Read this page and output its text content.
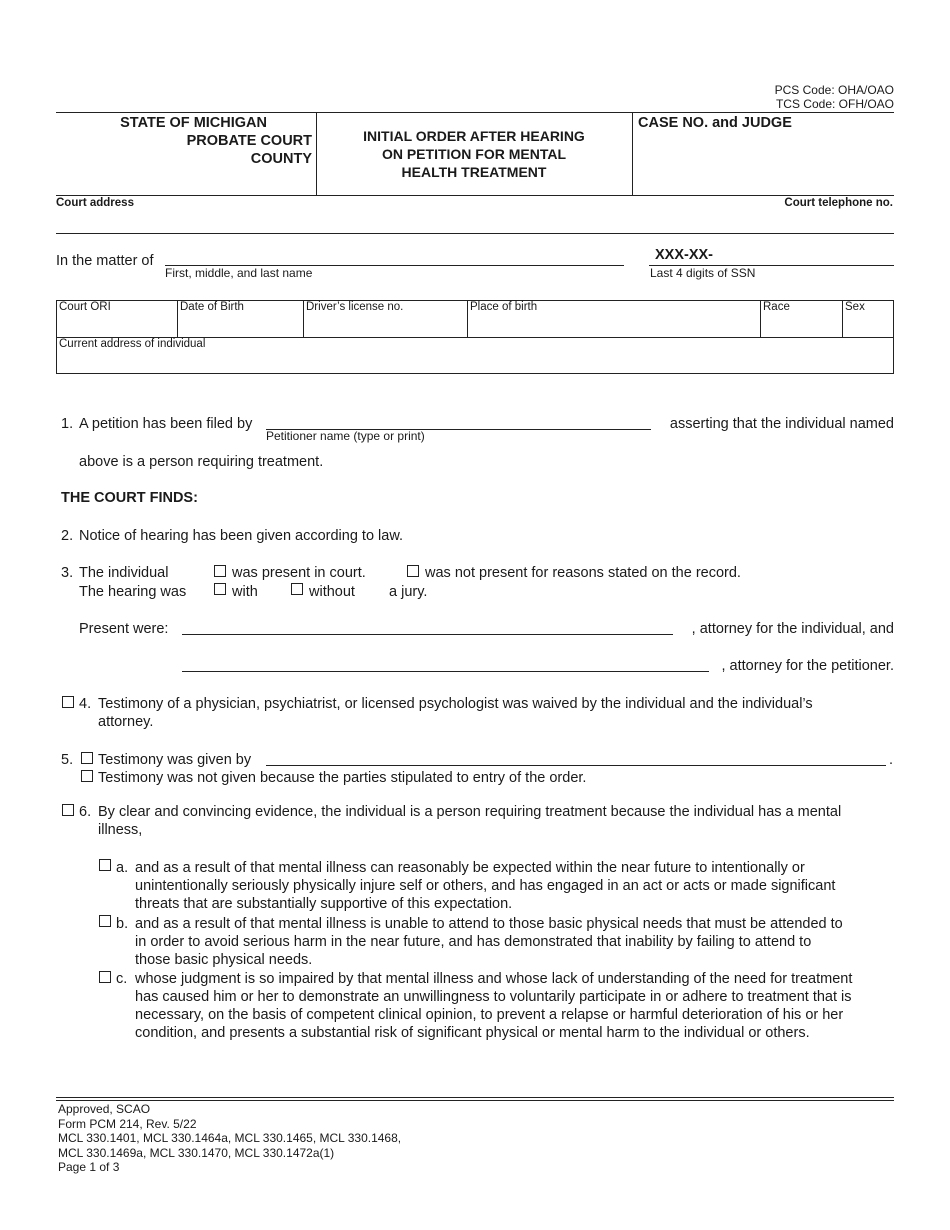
PCS Code: OHA/OAO
TCS Code: OFH/OAO
STATE OF MICHIGAN
PROBATE COURT
COUNTY
INITIAL ORDER AFTER HEARING
ON PETITION FOR MENTAL
HEALTH TREATMENT
CASE NO. and JUDGE
Court address	Court telephone no.
In the matter of
First, middle, and last name
XXX-XX-
Last 4 digits of SSN
Court ORI	Date of Birth	Driver’s license no.	Place of birth	Race	Sex
Current address of individual
1. A petition has been filed by
Petitioner name (type or print)
asserting that the individual named
above is a person requiring treatment.
THE COURT FINDS:
2. Notice of hearing has been given according to law.
3. The individual	was present in court.	was not present for reasons stated on the record.
The hearing was	with	without a jury.
Present were:	, attorney for the individual, and
, attorney for the petitioner.
4. Testimony of a physician, psychiatrist, or licensed psychologist was waived by the individual and the individual’s
attorney.
5. Testimony was given by	.
Testimony was not given because the parties stipulated to entry of the order.
6. By clear and convincing evidence, the individual is a person requiring treatment because the individual has a mental
illness,
a. and as a result of that mental illness can reasonably be expected within the near future to intentionally or
unintentionally seriously physically injure self or others, and has engaged in an act or acts or made significant
threats that are substantially supportive of this expectation.
b. and as a result of that mental illness is unable to attend to those basic physical needs that must be attended to
in order to avoid serious harm in the near future, and has demonstrated that inability by failing to attend to
those basic physical needs.
c. whose judgment is so impaired by that mental illness and whose lack of understanding of the need for treatment
has caused him or her to demonstrate an unwillingness to voluntarily participate in or adhere to treatment that is
necessary, on the basis of competent clinical opinion, to prevent a relapse or harmful deterioration of his or her
condition, and presents a substantial risk of significant physical or mental harm to the individual or others.
Approved, SCAO
Form PCM 214, Rev. 5/22
MCL 330.1401, MCL 330.1464a, MCL 330.1465, MCL 330.1468,
MCL 330.1469a, MCL 330.1470, MCL 330.1472a(1)
Page 1 of 3
